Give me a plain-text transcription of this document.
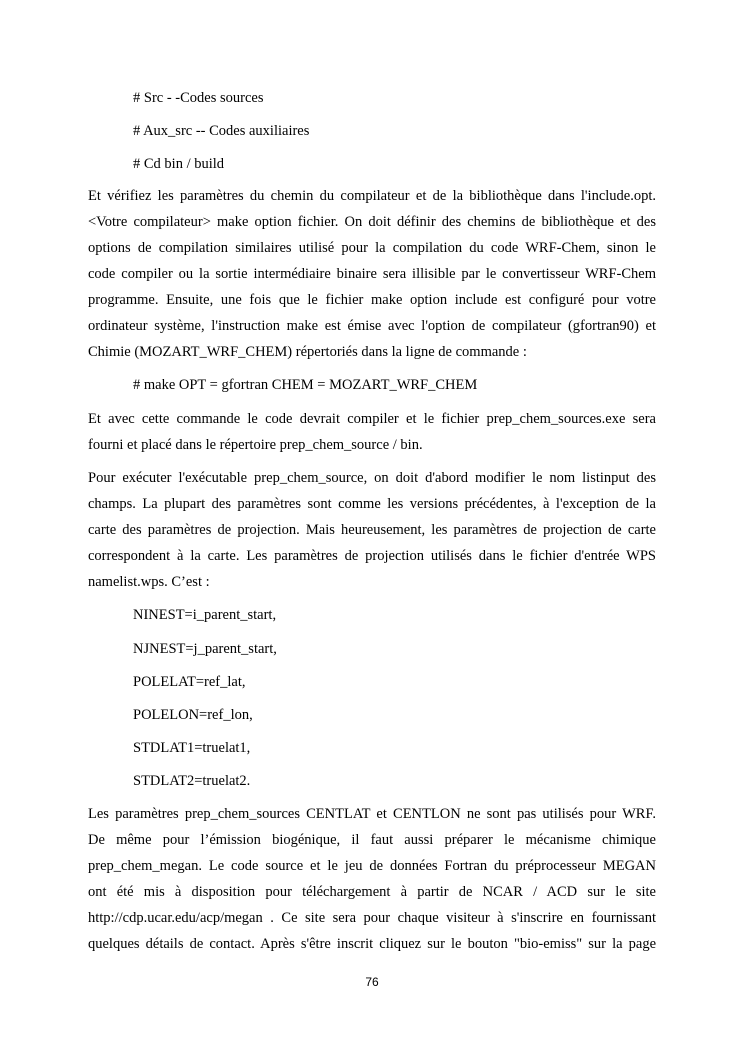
# Src - -Codes sources

# Aux_src -- Codes auxiliaires

# Cd bin / build

Et vérifiez les paramètres du chemin du compilateur et de la bibliothèque dans l'include.opt.

<Votre compilateur> make option fichier. On doit définir des chemins de bibliothèque et des

options de compilation similaires utilisé pour la compilation du code WRF-Chem, sinon le

code compiler ou la sortie intermédiaire binaire sera illisible par le convertisseur WRF-Chem

programme. Ensuite, une fois que le fichier make option include est configuré pour votre

ordinateur système, l'instruction make est émise avec l'option de compilateur (gfortran90) et

Chimie (MOZART_WRF_CHEM) répertoriés dans la ligne de commande :

# make OPT = gfortran CHEM = MOZART_WRF_CHEM

Et avec cette commande le code devrait compiler et le fichier prep_chem_sources.exe sera

fourni et placé dans le répertoire prep_chem_source / bin.

Pour exécuter l'exécutable prep_chem_source, on doit d'abord modifier le nom listinput des

champs. La plupart des paramètres sont comme les versions précédentes, à l'exception de la

carte des paramètres de projection. Mais heureusement, les paramètres de projection de carte

correspondent à la carte. Les paramètres de projection utilisés dans le fichier d'entrée WPS

namelist.wps. C’est :

NINEST=i_parent_start,

NJNEST=j_parent_start,

POLELAT=ref_lat,

POLELON=ref_lon,

STDLAT1=truelat1,

STDLAT2=truelat2.

Les paramètres prep_chem_sources CENTLAT et CENTLON ne sont pas utilisés pour WRF.

De même pour l’émission biogénique, il faut aussi préparer le mécanisme chimique

prep_chem_megan. Le code source et le jeu de données Fortran du préprocesseur MEGAN

ont été mis à disposition pour téléchargement à partir de NCAR / ACD sur le site

http://cdp.ucar.edu/acp/megan . Ce site sera pour chaque visiteur à s'inscrire en fournissant

quelques détails de contact. Après s'être inscrit cliquez sur le bouton "bio-emiss" sur la page

76
